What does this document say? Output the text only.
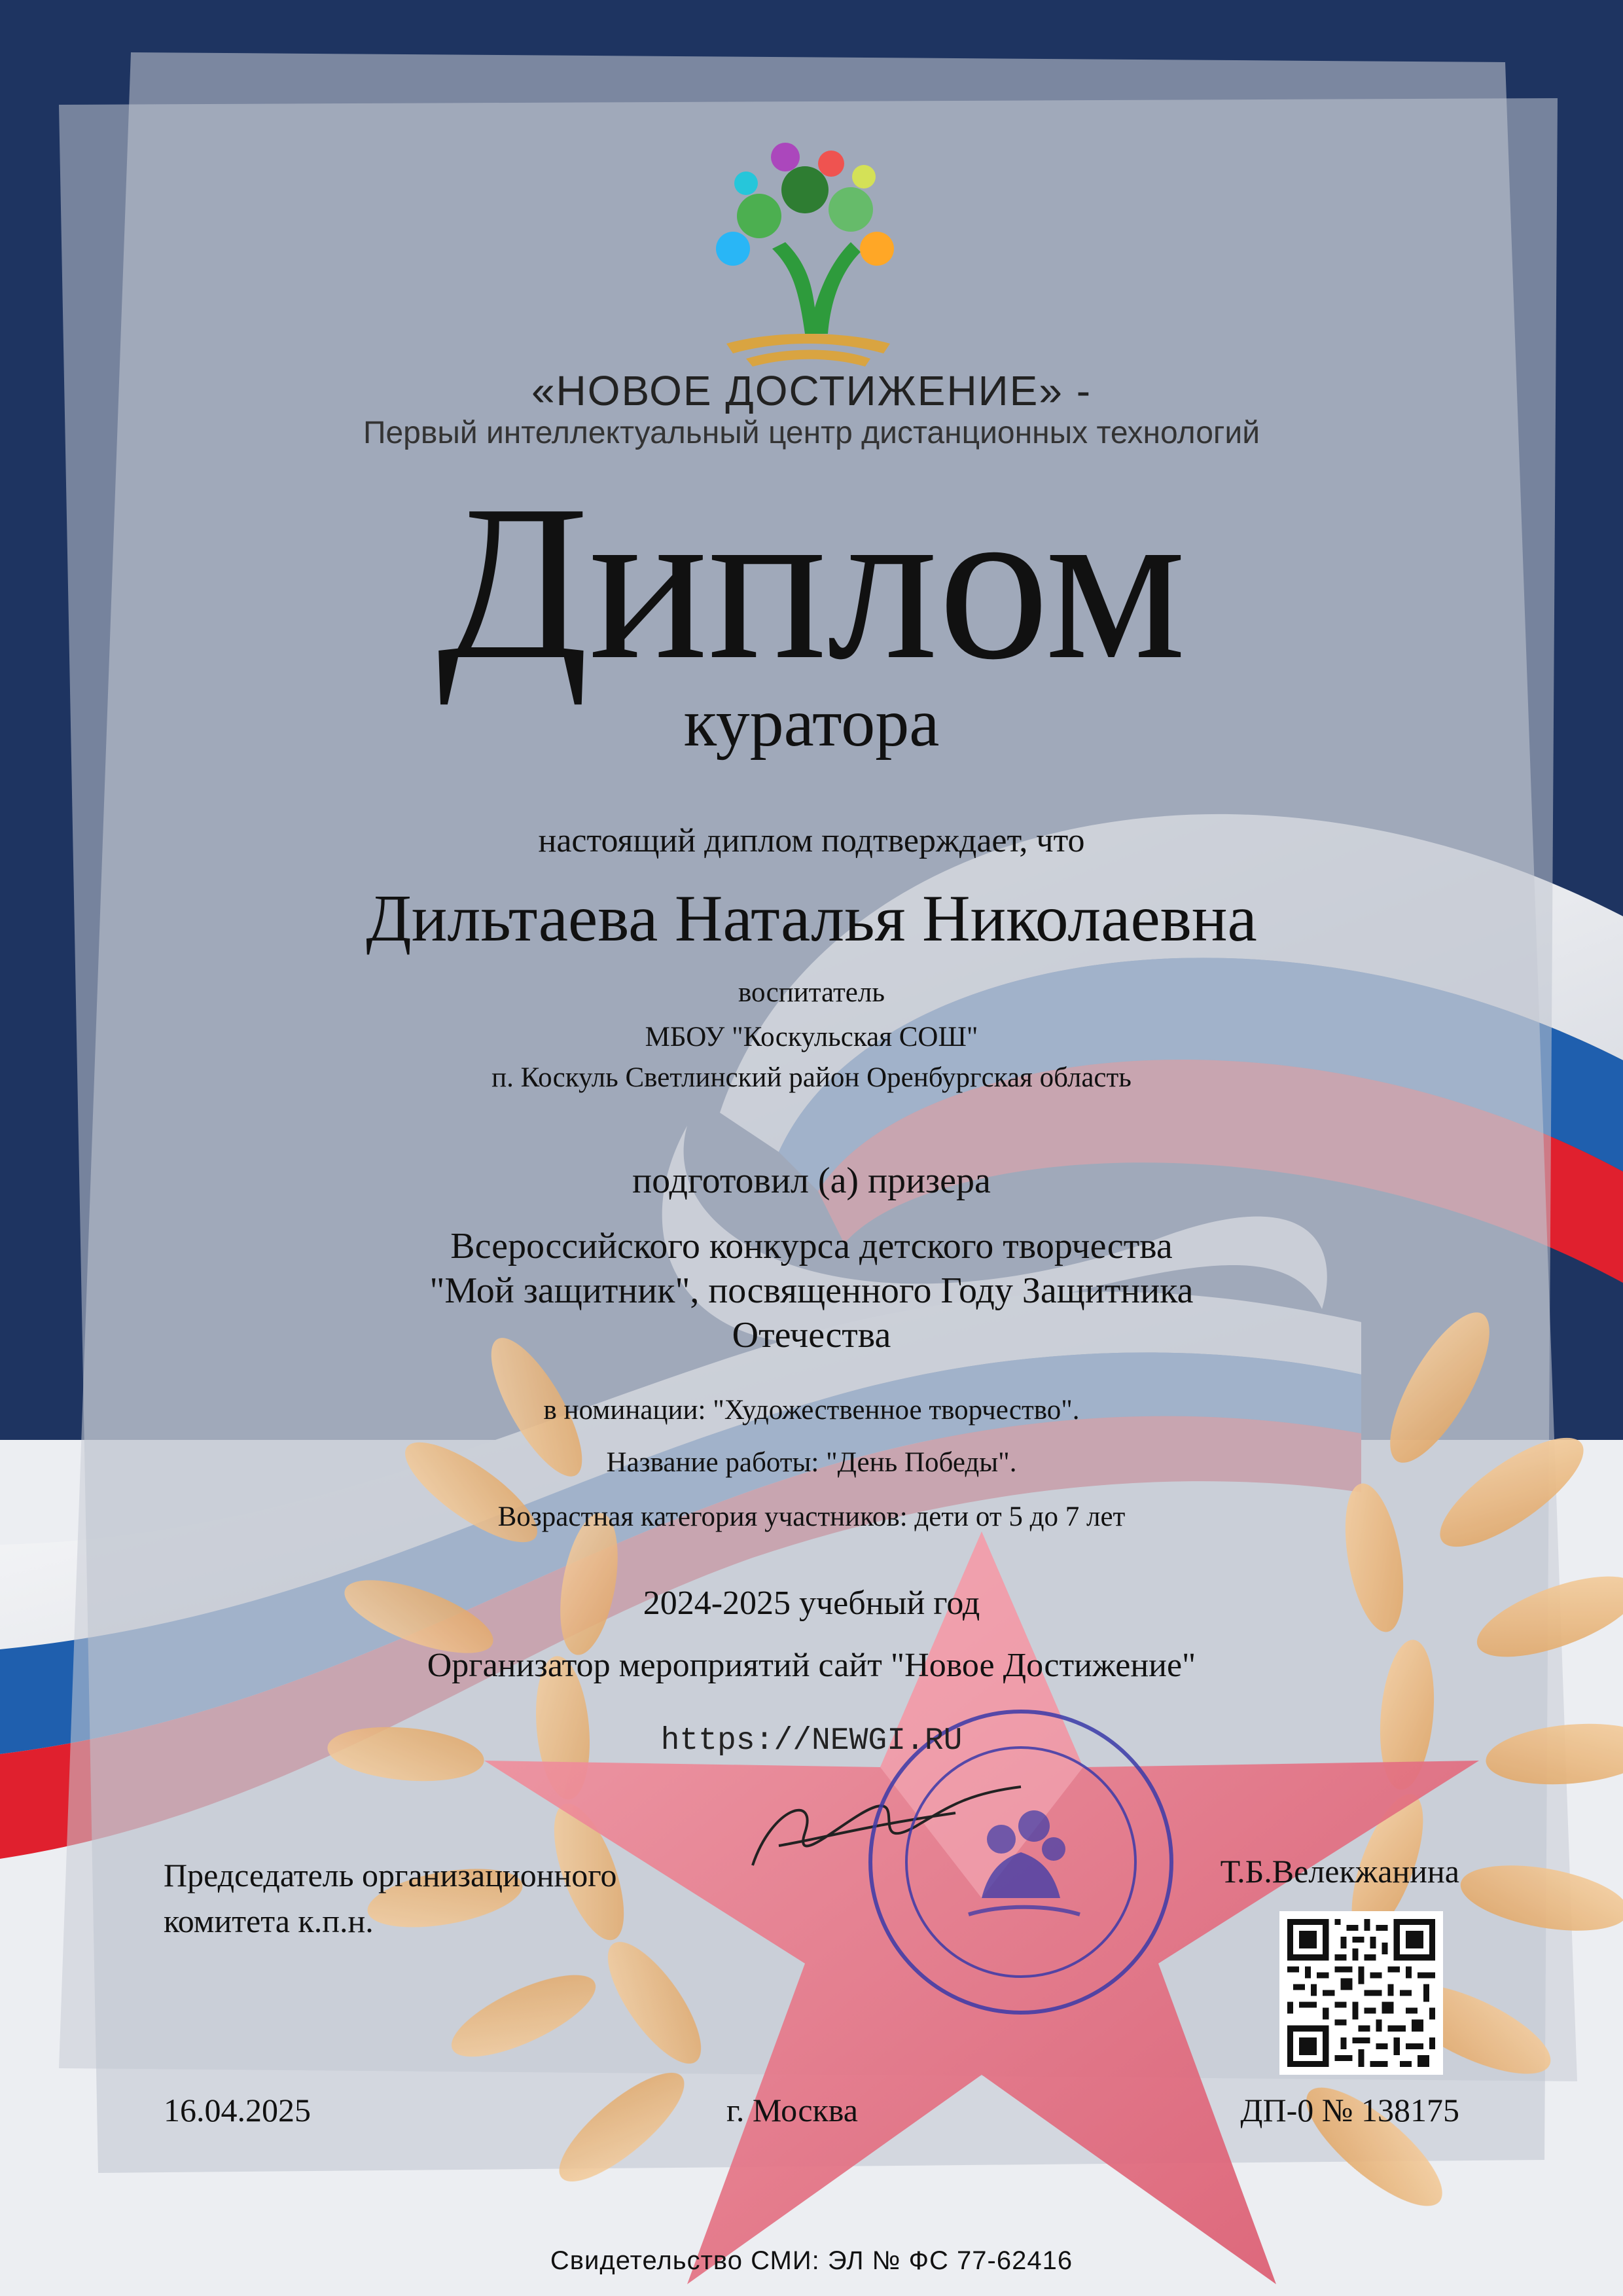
«НОВОЕ ДОСТИЖЕНИЕ» -
Первый интеллектуальный центр дистанционных технологий
Диплом
куратора
настоящий диплом подтверждает, что
Дильтаева Наталья Николаевна
воспитатель
МБОУ "Коскульская СОШ"
п. Коскуль Светлинский район Оренбургская область
подготовил (а) призера
Всероссийского конкурса детского творчества
"Мой защитник", посвященного Году Защитника
Отечества
в номинации: "Художественное творчество".
Название работы: "День Победы".
Возрастная категория участников: дети от 5 до 7 лет
2024-2025 учебный год
Организатор мероприятий сайт "Новое Достижение"
https://NEWGI.RU
Председатель организационного
комитета к.п.н.
Т.Б.Велекжанина
16.04.2025	г. Москва	ДП-0 № 138175
Свидетельство СМИ: ЭЛ № ФС 77-62416
